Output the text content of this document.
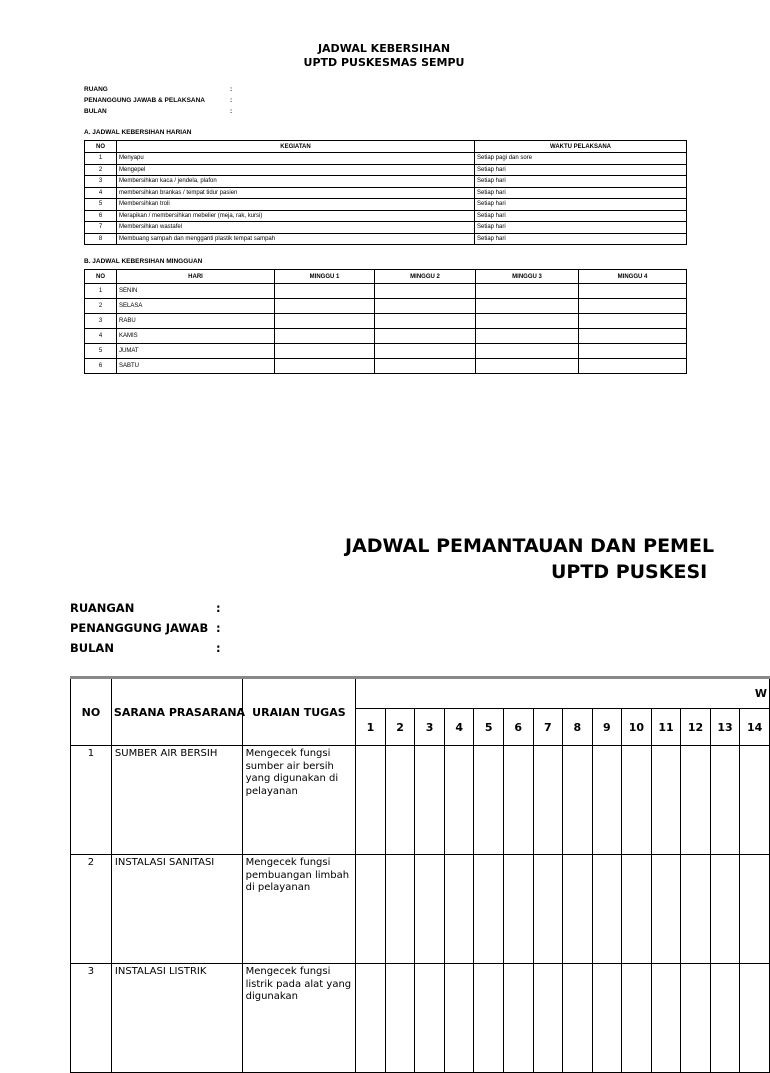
JADWAL KEBERSIHAN
UPTD PUSKESMAS SEMPU
RUANG	:
PENANGGUNG JAWAB & PELAKSANA	:
BULAN	:
A. JADWAL KEBERSIHAN HARIAN
NO	KEGIATAN	WAKTU PELAKSANA
1	Menyapu	Setiap pagi dan sore
2	Mengepel	Setiap hari
3	Membersihkan kaca / jendela, plafon	Setiap hari
4	membersihkan brankas / tempat tidur pasien	Setiap hari
5	Membersihkan troli	Setiap hari
6	Merapikan / membersihkan mebelier (meja, rak, kursi)	Setiap hari
7	Membersihkan wastafel	Setiap hari
8	Membuang sampah dan mengganti plastik tempat sampah	Setiap hari
B. JADWAL KEBERSIHAN MINGGUAN
NO	HARI	MINGGU 1	MINGGU 2	MINGGU 3	MINGGU 4
1	SENIN				
2	SELASA				
3	RABU				
4	KAMIS				
5	JUMAT				
6	SABTU				
JADWAL PEMANTAUAN DAN PEMEL
UPTD PUSKESI
RUANGAN	:
PENANGGUNG JAWAB :
BULAN	:
NO	SARANA PRASARANA	URAIAN TUGAS	W													
			1	2	3	4	5	6	7	8	9	10	11	12	13	14
1	SUMBER AIR BERSIH	Mengecek fungsi sumber air bersih yang digunakan di pelayanan														
2	INSTALASI SANITASI	Mengecek fungsi pembuangan limbah di pelayanan														
3	INSTALASI LISTRIK	Mengecek fungsi listrik pada alat yang digunakan														
